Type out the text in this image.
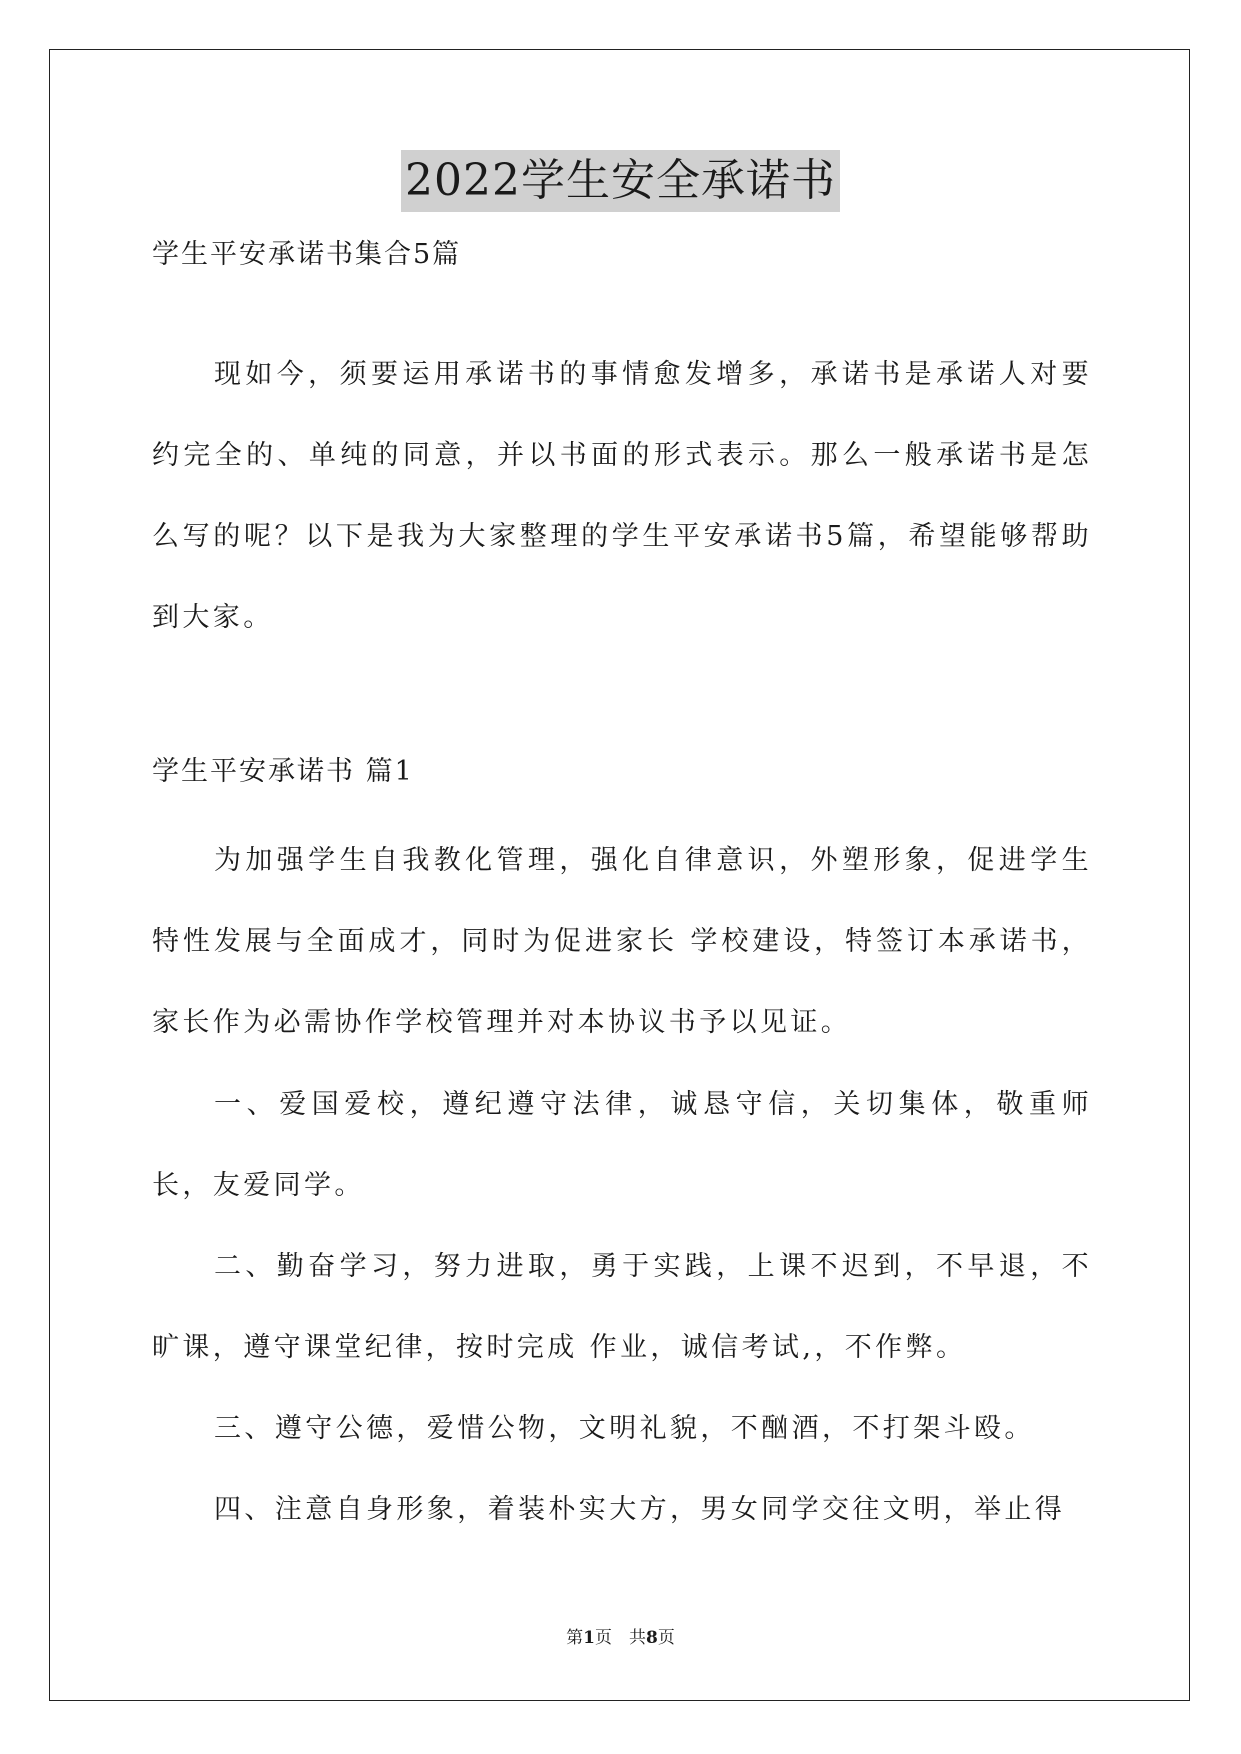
2022学生安全承诺书

学生平安承诺书集合5篇

现如今，须要运用承诺书的事情愈发增多，承诺书是承诺人对要约完全的、单纯的同意，并以书面的形式表示。那么一般承诺书是怎么写的呢？以下是我为大家整理的学生平安承诺书5篇，希望能够帮助到大家。

学生平安承诺书 篇1

为加强学生自我教化管理，强化自律意识，外塑形象，促进学生特性发展与全面成才，同时为促进家长 学校建设，特签订本承诺书，家长作为必需协作学校管理并对本协议书予以见证。

一、爱国爱校，遵纪遵守法律，诚恳守信，关切集体，敬重师长，友爱同学。

二、勤奋学习，努力进取，勇于实践，上课不迟到，不早退，不旷课，遵守课堂纪律，按时完成 作业，诚信考试,，不作弊。

三、遵守公德，爱惜公物，文明礼貌，不酗酒，不打架斗殴。

四、注意自身形象，着装朴实大方，男女同学交往文明，举止得

第1页　共8页
